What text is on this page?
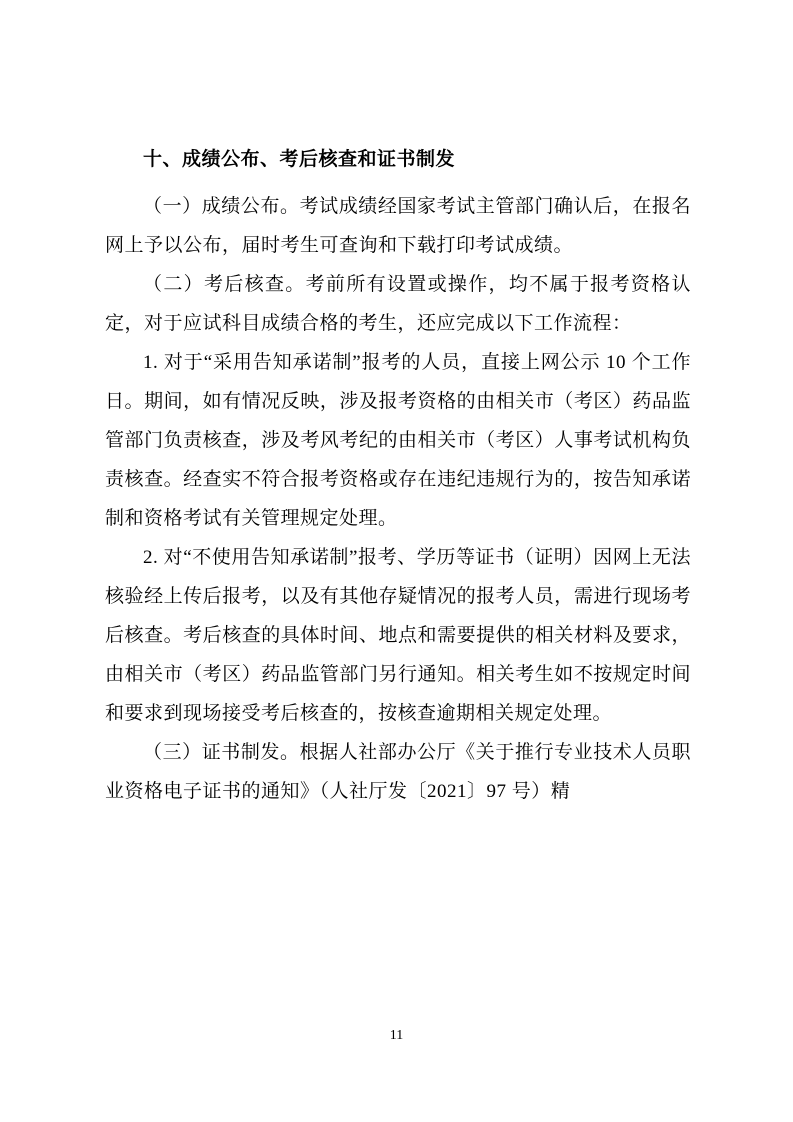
十、成绩公布、考后核查和证书制发

（一）成绩公布。考试成绩经国家考试主管部门确认后，在报名网上予以公布，届时考生可查询和下载打印考试成绩。

（二）考后核查。考前所有设置或操作，均不属于报考资格认定，对于应试科目成绩合格的考生，还应完成以下工作流程：

1. 对于“采用告知承诺制”报考的人员，直接上网公示 10 个工作日。期间，如有情况反映，涉及报考资格的由相关市（考区）药品监管部门负责核查，涉及考风考纪的由相关市（考区）人事考试机构负责核查。经查实不符合报考资格或存在违纪违规行为的，按告知承诺制和资格考试有关管理规定处理。

2. 对“不使用告知承诺制”报考、学历等证书（证明）因网上无法核验经上传后报考，以及有其他存疑情况的报考人员，需进行现场考后核查。考后核查的具体时间、地点和需要提供的相关材料及要求，由相关市（考区）药品监管部门另行通知。相关考生如不按规定时间和要求到现场接受考后核查的，按核查逾期相关规定处理。

（三）证书制发。根据人社部办公厅《关于推行专业技术人员职业资格电子证书的通知》（人社厅发〔2021〕97 号）精

11
